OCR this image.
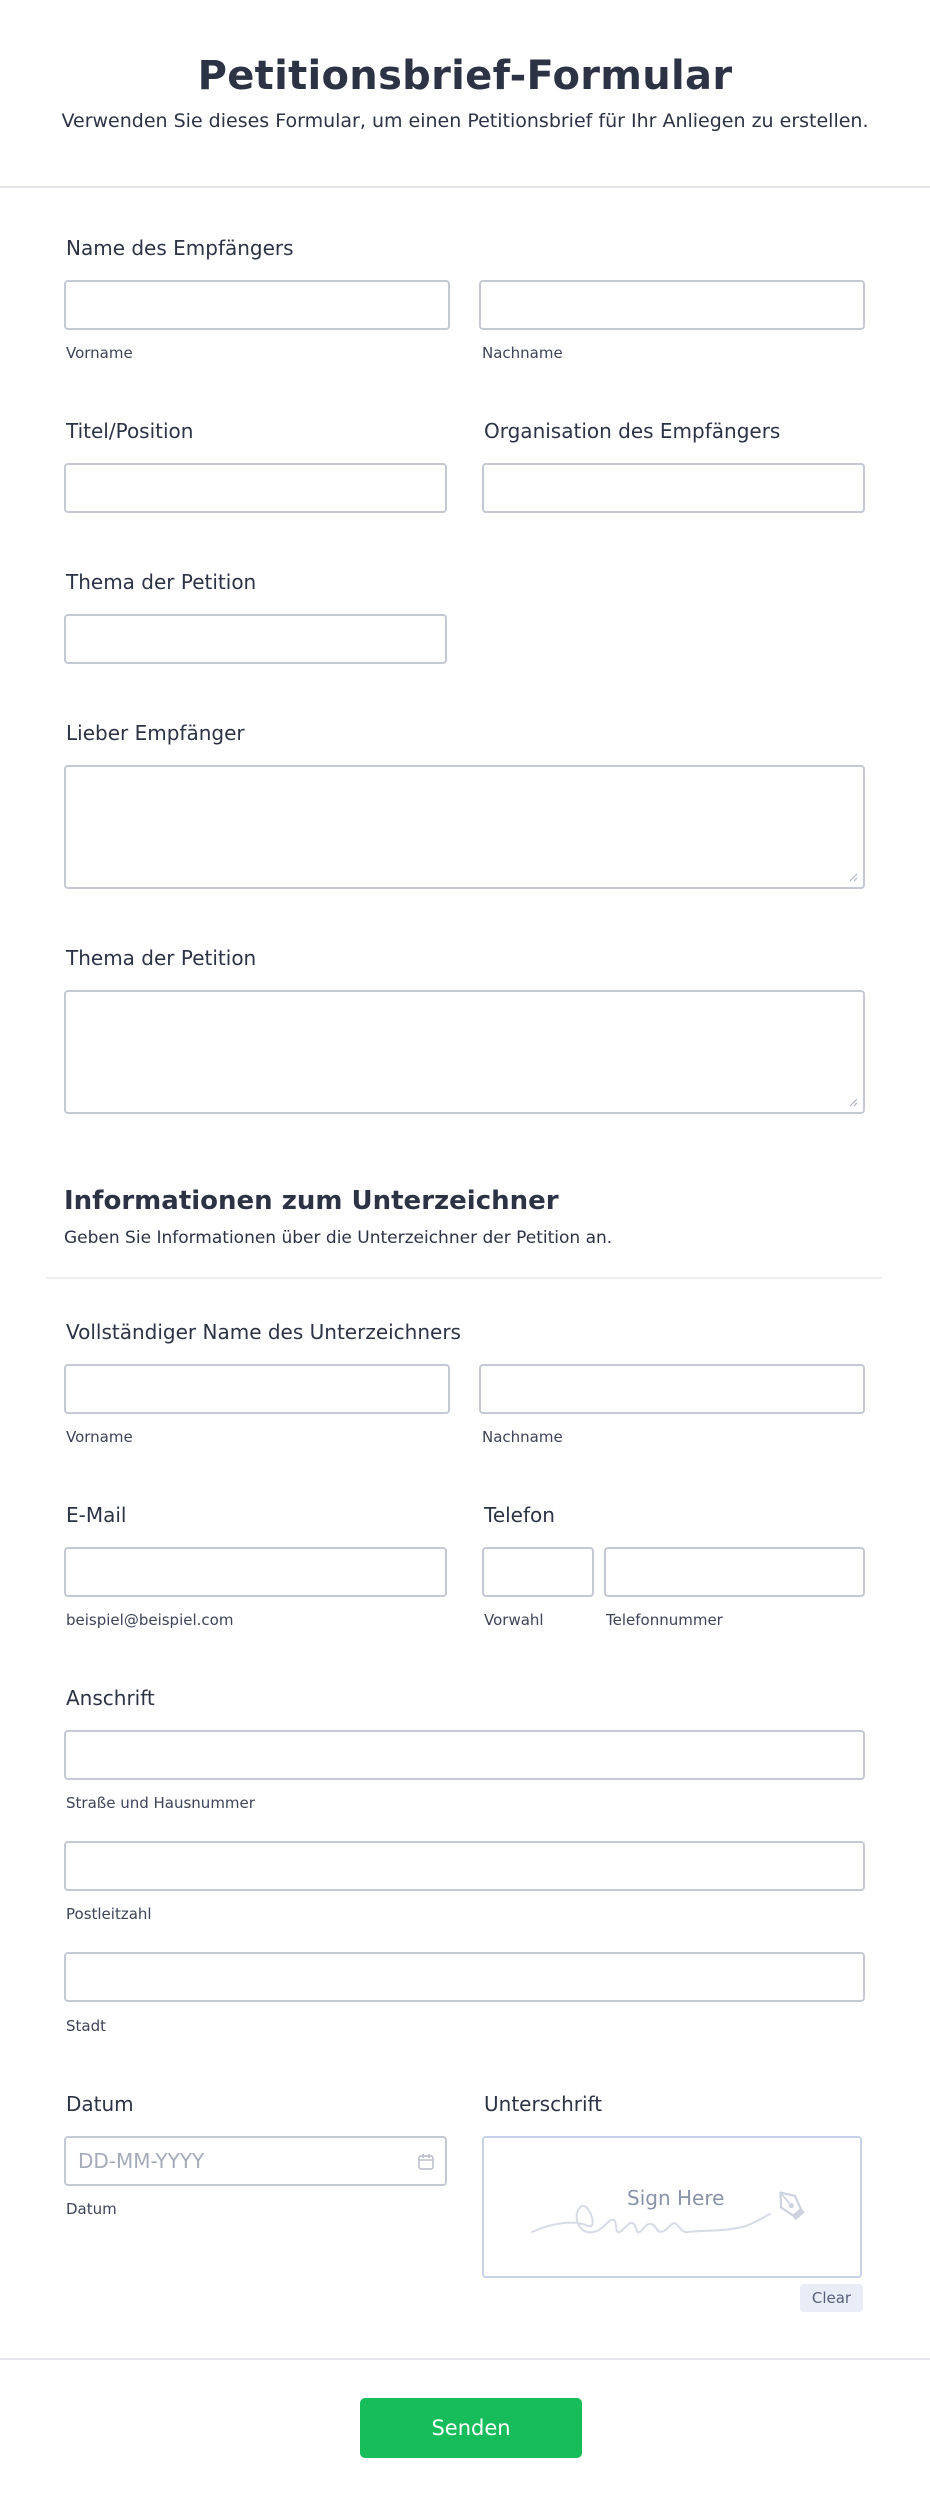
Petitionsbrief-Formular

Verwenden Sie dieses Formular, um einen Petitionsbrief für Ihr Anliegen zu erstellen.

Name des Empfängers
Vorname	Nachname
Titel/Position	Organisation des Empfängers
Thema der Petition
Lieber Empfänger
Thema der Petition
Informationen zum Unterzeichner
Geben Sie Informationen über die Unterzeichner der Petition an.
Vollständiger Name des Unterzeichners
Vorname	Nachname
E-Mail	Telefon
beispiel@beispiel.com	Vorwahl	Telefonnummer
Anschrift
Straße und Hausnummer
Postleitzahl
Stadt
Datum	Unterschrift
DD-MM-YYYY
Datum	Sign Here
Clear
Senden
